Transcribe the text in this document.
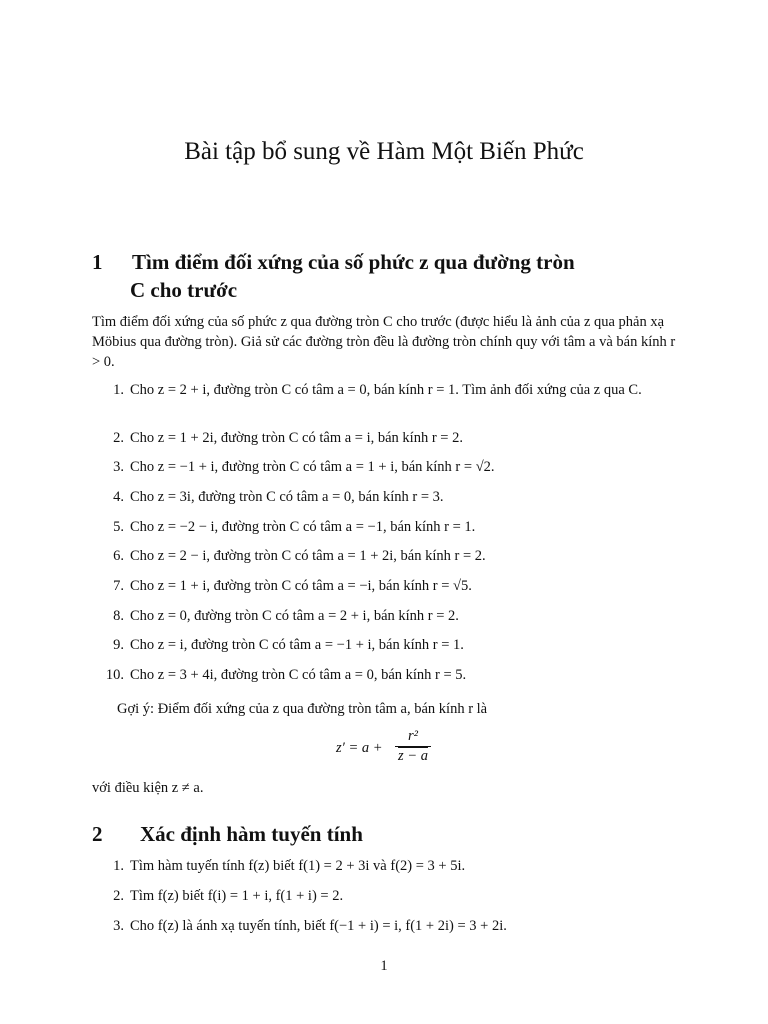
Bài tập bổ sung về Hàm Một Biến Phức
1	Tìm điểm đối xứng của số phức z qua đường tròn
C cho trước
Tìm điểm đối xứng của số phức z qua đường tròn C cho trước (được hiểu là ảnh của z qua phản xạ Möbius qua đường tròn). Giả sử các đường tròn đều là đường tròn chính quy với tâm a và bán kính r > 0.
1. Cho z = 2 + i, đường tròn C có tâm a = 0, bán kính r = 1. Tìm ảnh đối xứng của z qua C.
2. Cho z = 1 + 2i, đường tròn C có tâm a = i, bán kính r = 2.
3. Cho z = −1 + i, đường tròn C có tâm a = 1 + i, bán kính r = √2.
4. Cho z = 3i, đường tròn C có tâm a = 0, bán kính r = 3.
5. Cho z = −2 − i, đường tròn C có tâm a = −1, bán kính r = 1.
6. Cho z = 2 − i, đường tròn C có tâm a = 1 + 2i, bán kính r = 2.
7. Cho z = 1 + i, đường tròn C có tâm a = −i, bán kính r = √5.
8. Cho z = 0, đường tròn C có tâm a = 2 + i, bán kính r = 2.
9. Cho z = i, đường tròn C có tâm a = −1 + i, bán kính r = 1.
10. Cho z = 3 + 4i, đường tròn C có tâm a = 0, bán kính r = 5.
Gợi ý: Điểm đối xứng của z qua đường tròn tâm a, bán kính r là
$z' = a + \frac{\text{r²}}{z - a}$
với điều kiện z ≠ a.
2	Xác định hàm tuyến tính
1. Tìm hàm tuyến tính f(z) biết f(1) = 2 + 3i và f(2) = 3 + 5i.
2. Tìm f(z) biết f(i) = 1 + i, f(1 + i) = 2.
3. Cho f(z) là ánh xạ tuyến tính, biết f(−1 + i) = i, f(1 + 2i) = 3 + 2i.
1
